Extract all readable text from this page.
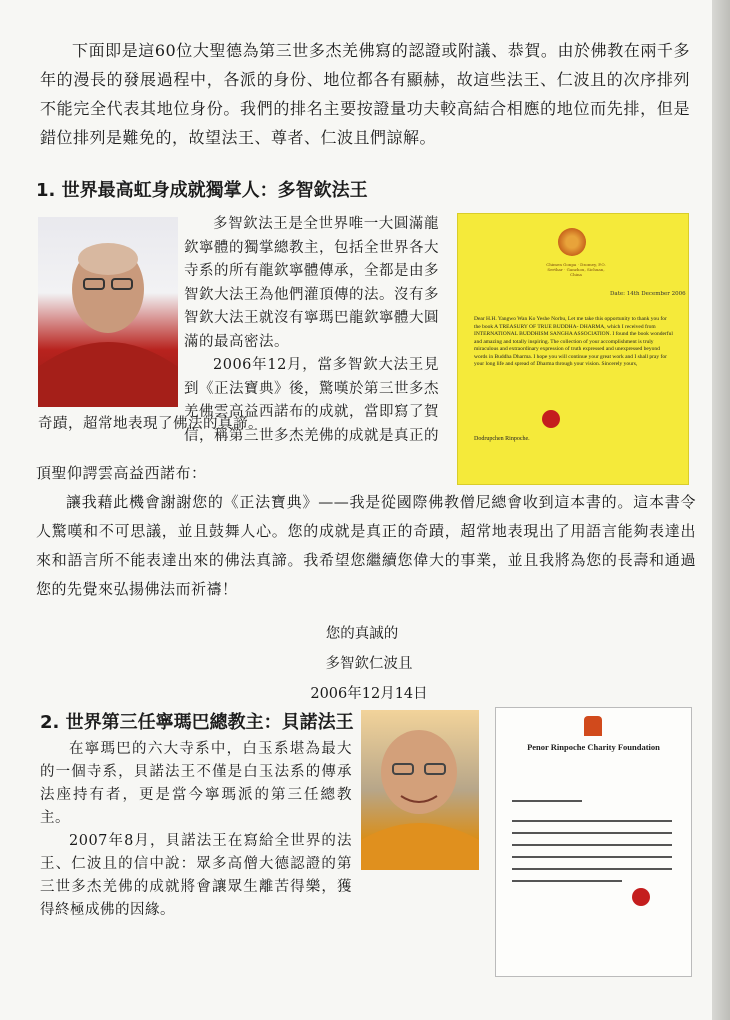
下面即是這60位大聖德為第三世多杰羌佛寫的認證或附議、恭賀。由於佛教在兩千多年的漫長的發展過程中，各派的身份、地位都各有顯赫，故這些法王、仁波且的次序排列不能完全代表其地位身份。我們的排名主要按證量功夫較高結合相應的地位而先排，但是錯位排列是難免的，故望法王、尊者、仁波且們諒解。

1. 世界最高虹身成就獨掌人：多智欽法王

多智欽法王是全世界唯一大圓滿龍欽寧體的獨掌總教主，包括全世界各大寺系的所有龍欽寧體傳承，全都是由多智欽大法王為他們灌頂傳的法。沒有多智欽大法王就沒有寧瑪巴龍欽寧體大圓滿的最高密法。
2006年12月，當多智欽大法王見到《正法寶典》後，驚嘆於第三世多杰羌佛雲高益西諾布的成就，當即寫了賀信，稱第三世多杰羌佛的成就是真正的

奇蹟，超常地表現了佛法的真諦。

Chimen Gonpa · Dzomey, P.O. Serthar · Ganzhou, Sichuan, China
Date: 14th December 2006
Dear H.H. Yangwo Wan Ko Yeshe Norbu, Let me take this opportunity to thank you for the book A TREASURY OF TRUE BUDDHA- DHARMA, which I received from INTERNATIONAL BUDDHISM SANGHA ASSOCIATION. I found the book wonderful and amazing and totally inspiring. The collection of your accomplishment is truly miraculous and extraordinary expression of truth expressed and unexpressed beyond words in Buddha Dharma. I hope you will continue your great work and I shall pray for your long life and spread of Dharma through your vision. Sincerely yours,
Dodrupchen Rinpoche.

頂聖仰諤雲高益西諾布：
讓我藉此機會謝謝您的《正法寶典》——我是從國際佛教僧尼總會收到這本書的。這本書令人驚嘆和不可思議，並且鼓舞人心。您的成就是真正的奇蹟，超常地表現出了用語言能夠表達出來和語言所不能表達出來的佛法真諦。我希望您繼續您偉大的事業，並且我將為您的長壽和通過您的先覺來弘揚佛法而祈禱！

您的真誠的

多智欽仁波且

2006年12月14日

2. 世界第三任寧瑪巴總教主：貝諾法王

在寧瑪巴的六大寺系中，白玉系堪為最大的一個寺系，貝諾法王不僅是白玉法系的傳承法座持有者，更是當今寧瑪派的第三任總教主。
2007年8月，貝諾法王在寫給全世界的法王、仁波且的信中說：眾多高僧大德認證的第三世多杰羌佛的成就將會讓眾生離苦得樂，獲得終極成佛的因緣。

Penor Rinpoche Charity Foundation
